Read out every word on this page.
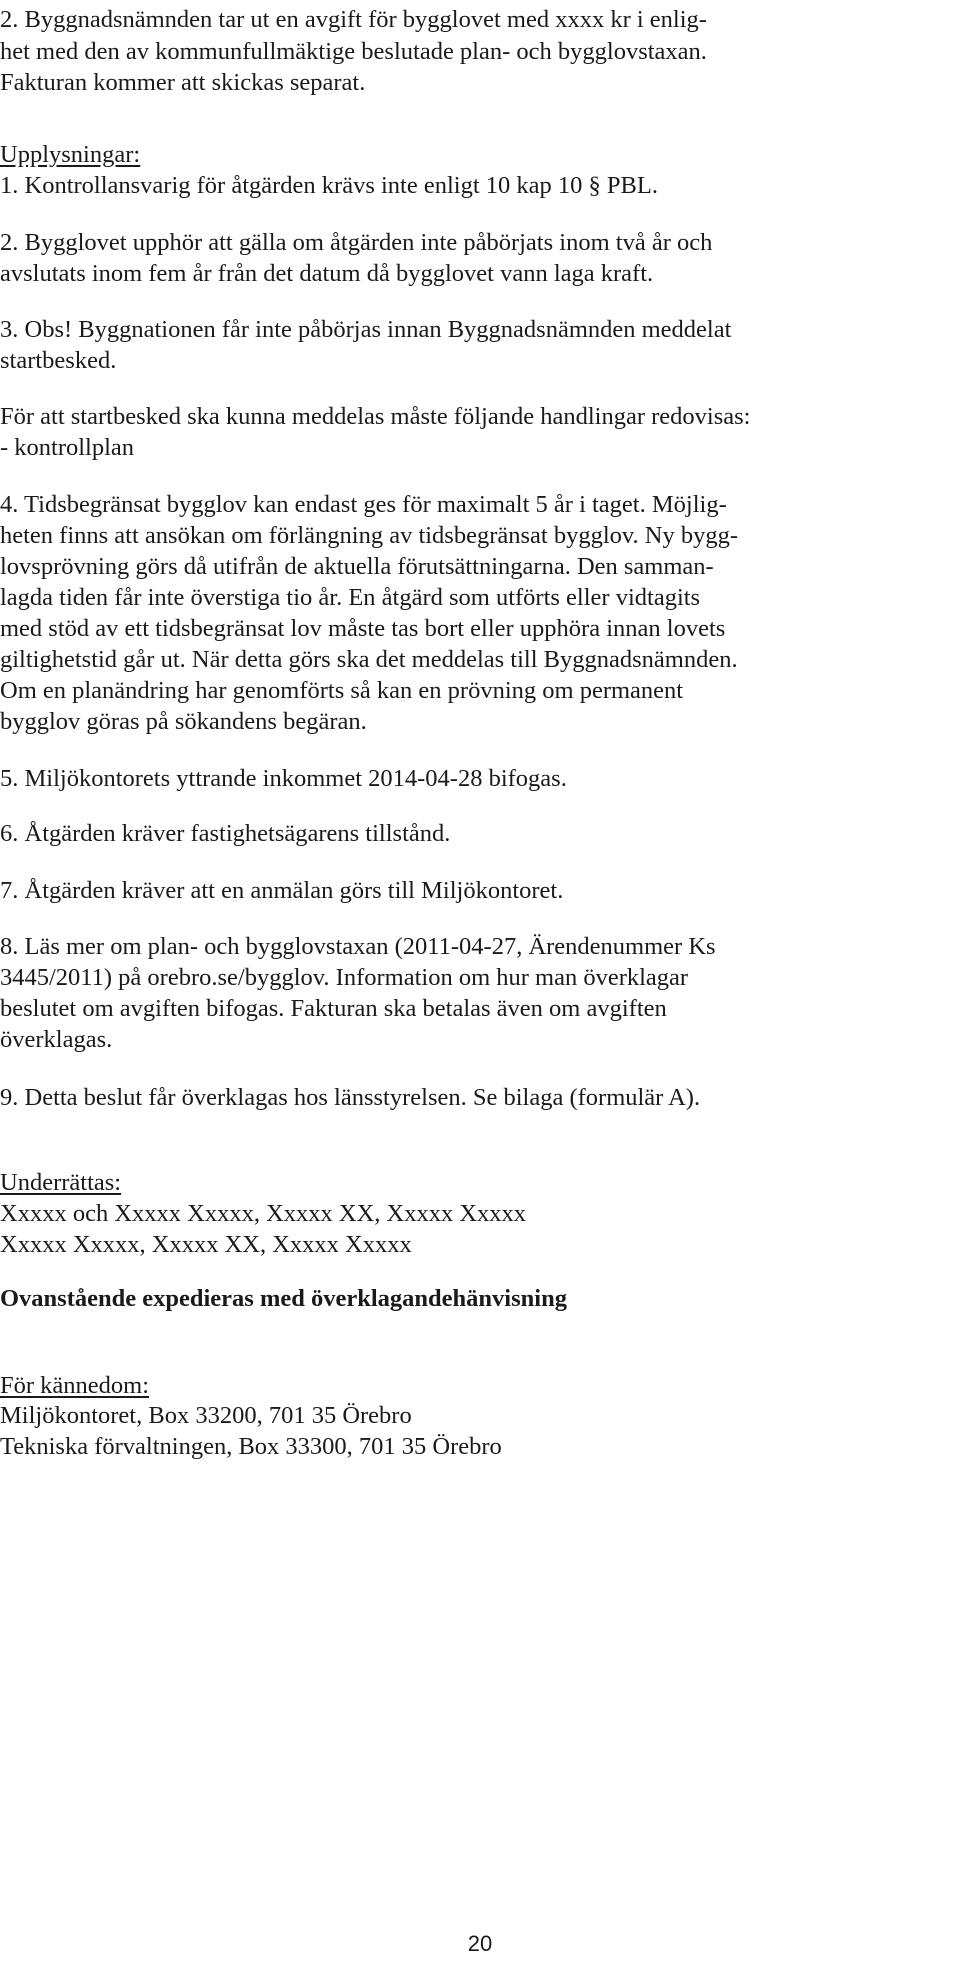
2. Byggnadsnämnden tar ut en avgift för bygglovet med xxxx kr i enlig-
het med den av kommunfullmäktige beslutade plan- och bygglovstaxan.
Fakturan kommer att skickas separat.
Upplysningar:
1. Kontrollansvarig för åtgärden krävs inte enligt 10 kap 10 § PBL.
2. Bygglovet upphör att gälla om åtgärden inte påbörjats inom två år och
avslutats inom fem år från det datum då bygglovet vann laga kraft.
3. Obs! Byggnationen får inte påbörjas innan Byggnadsnämnden meddelat
startbesked.
För att startbesked ska kunna meddelas måste följande handlingar redovisas:
- kontrollplan
4. Tidsbegränsat bygglov kan endast ges för maximalt 5 år i taget. Möjlig-
heten finns att ansökan om förlängning av tidsbegränsat bygglov. Ny bygg-
lovsprövning görs då utifrån de aktuella förutsättningarna. Den samman-
lagda tiden får inte överstiga tio år. En åtgärd som utförts eller vidtagits
med stöd av ett tidsbegränsat lov måste tas bort eller upphöra innan lovets
giltighetstid går ut. När detta görs ska det meddelas till Byggnadsnämnden.
Om en planändring har genomförts så kan en prövning om permanent
bygglov göras på sökandens begäran.
5. Miljökontorets yttrande inkommet 2014-04-28 bifogas.
6. Åtgärden kräver fastighetsägarens tillstånd.
7. Åtgärden kräver att en anmälan görs till Miljökontoret.
8. Läs mer om plan- och bygglovstaxan (2011-04-27, Ärendenummer Ks
3445/2011) på orebro.se/bygglov. Information om hur man överklagar
beslutet om avgiften bifogas. Fakturan ska betalas även om avgiften
överklagas.
9. Detta beslut får överklagas hos länsstyrelsen. Se bilaga (formulär A).
Underrättas:
Xxxxx och Xxxxx Xxxxx, Xxxxx XX, Xxxxx Xxxxx
Xxxxx Xxxxx, Xxxxx XX, Xxxxx Xxxxx
Ovanstående expedieras med överklagandehänvisning
För kännedom:
Miljökontoret, Box 33200, 701 35 Örebro
Tekniska förvaltningen, Box 33300, 701 35 Örebro
20
